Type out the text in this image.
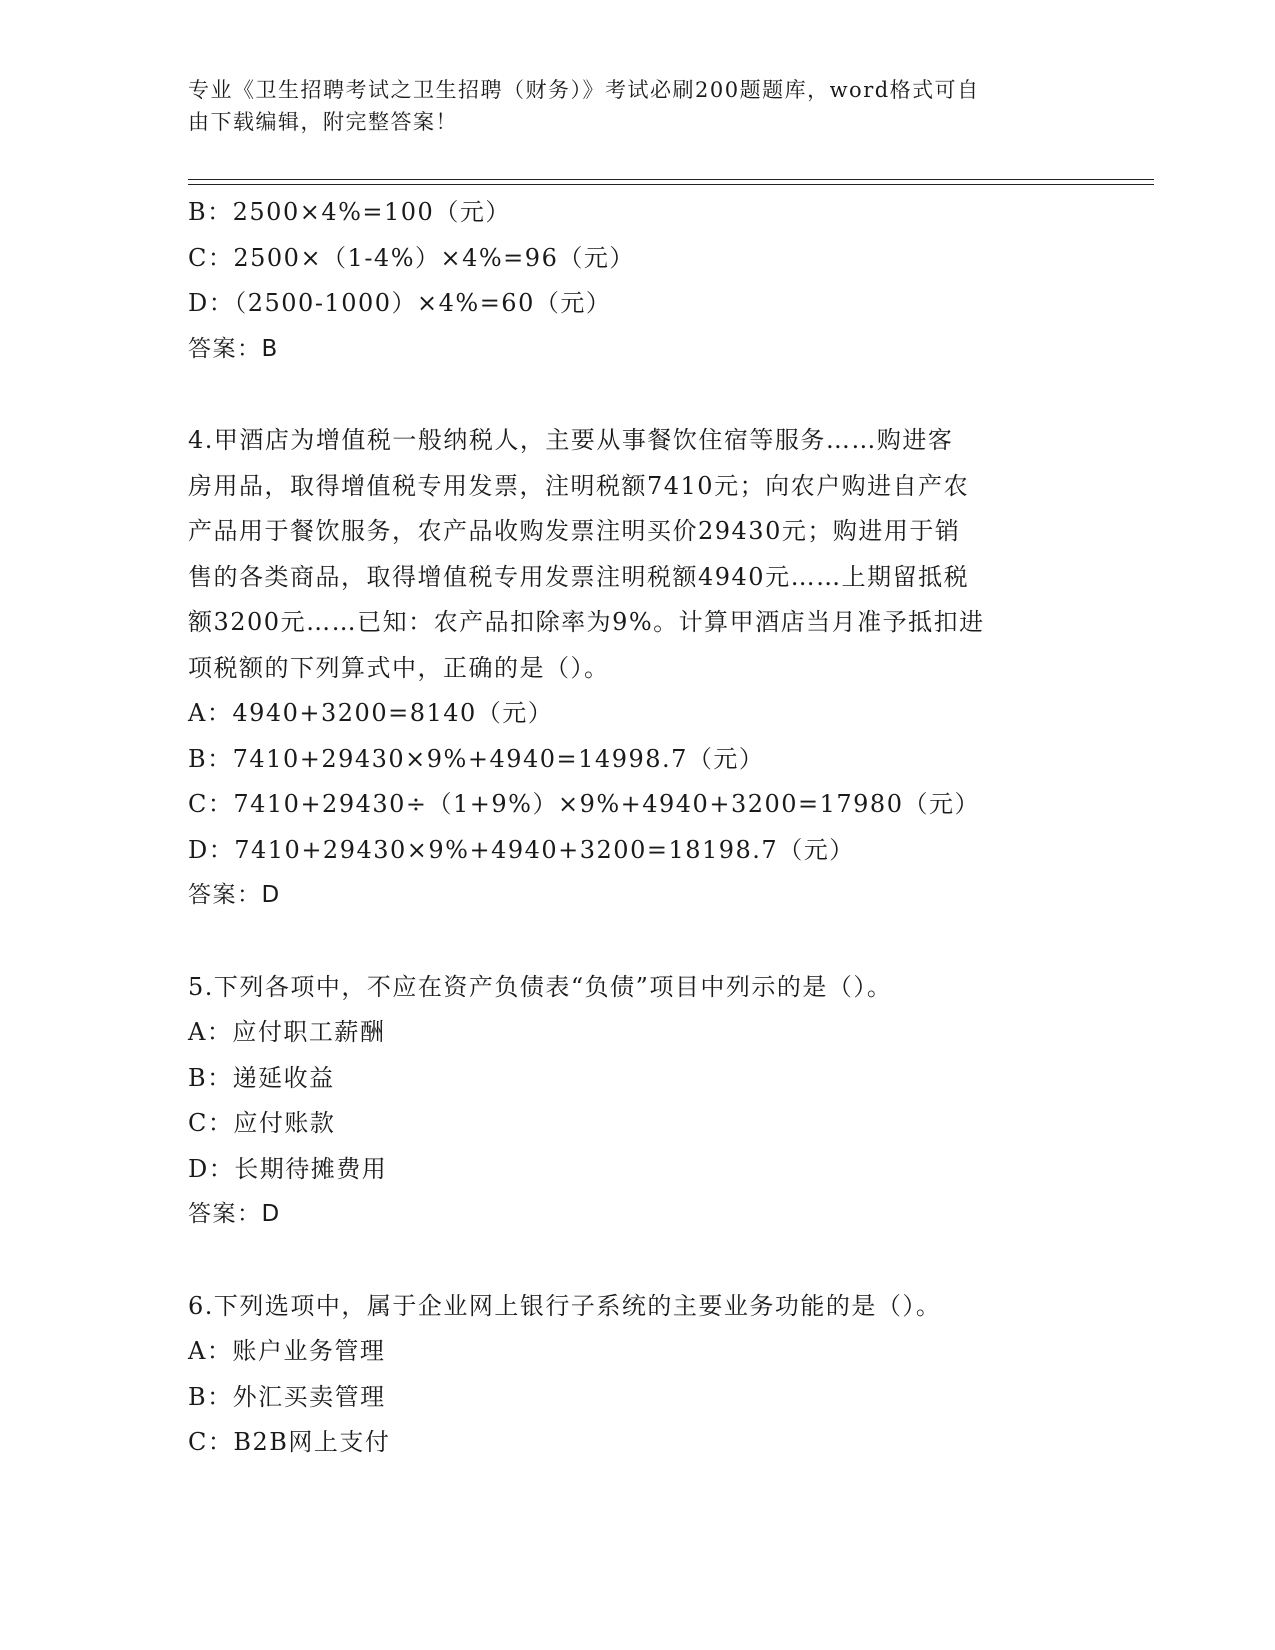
专业《卫生招聘考试之卫生招聘（财务）》考试必刷200题题库，word格式可自
由下载编辑，附完整答案！
B：2500×4%=100（元）
C：2500×（1-4%）×4%=96（元）
D：（2500-1000）×4%=60（元）
答案：B
4.甲酒店为增值税一般纳税人，主要从事餐饮住宿等服务……购进客
房用品，取得增值税专用发票，注明税额7410元；向农户购进自产农
产品用于餐饮服务，农产品收购发票注明买价29430元；购进用于销
售的各类商品，取得增值税专用发票注明税额4940元……上期留抵税
额3200元……已知：农产品扣除率为9%。计算甲酒店当月准予抵扣进
项税额的下列算式中，正确的是（）。
A：4940+3200=8140（元）
B：7410+29430×9%+4940=14998.7（元）
C：7410+29430÷（1+9%）×9%+4940+3200=17980（元）
D：7410+29430×9%+4940+3200=18198.7（元）
答案：D
5.下列各项中，不应在资产负债表“负债”项目中列示的是（）。
A：应付职工薪酬
B：递延收益
C：应付账款
D：长期待摊费用
答案：D
6.下列选项中，属于企业网上银行子系统的主要业务功能的是（）。
A：账户业务管理
B：外汇买卖管理
C：B2B网上支付
